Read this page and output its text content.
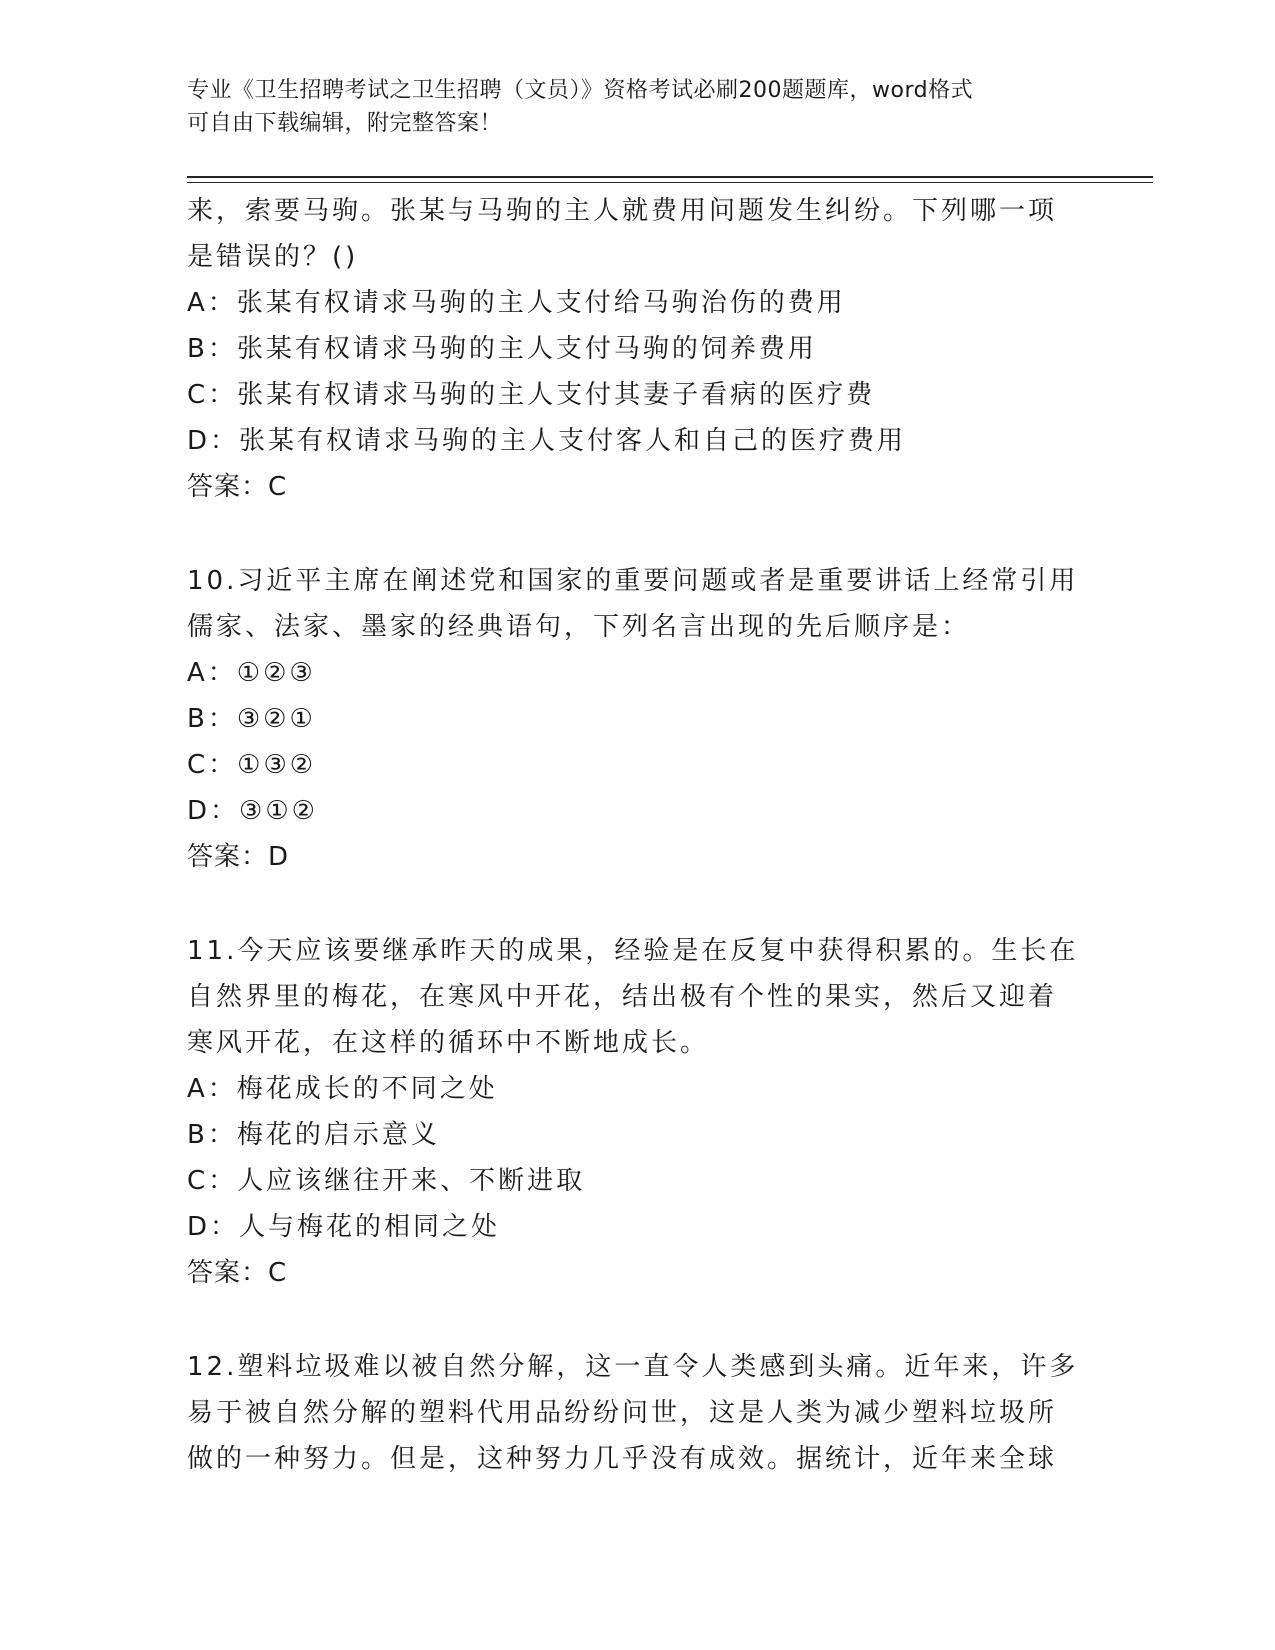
专业《卫生招聘考试之卫生招聘（文员）》资格考试必刷200题题库，word格式
可自由下载编辑，附完整答案！
来，索要马驹。张某与马驹的主人就费用问题发生纠纷。下列哪一项
是错误的？()
A：张某有权请求马驹的主人支付给马驹治伤的费用
B：张某有权请求马驹的主人支付马驹的饲养费用
C：张某有权请求马驹的主人支付其妻子看病的医疗费
D：张某有权请求马驹的主人支付客人和自己的医疗费用
答案：C
10.习近平主席在阐述党和国家的重要问题或者是重要讲话上经常引用
儒家、法家、墨家的经典语句，下列名言出现的先后顺序是：
A：①②③
B：③②①
C：①③②
D：③①②
答案：D
11.今天应该要继承昨天的成果，经验是在反复中获得积累的。生长在
自然界里的梅花，在寒风中开花，结出极有个性的果实，然后又迎着
寒风开花，在这样的循环中不断地成长。
A：梅花成长的不同之处
B：梅花的启示意义
C：人应该继往开来、不断进取
D：人与梅花的相同之处
答案：C
12.塑料垃圾难以被自然分解，这一直令人类感到头痛。近年来，许多
易于被自然分解的塑料代用品纷纷问世，这是人类为减少塑料垃圾所
做的一种努力。但是，这种努力几乎没有成效。据统计，近年来全球
